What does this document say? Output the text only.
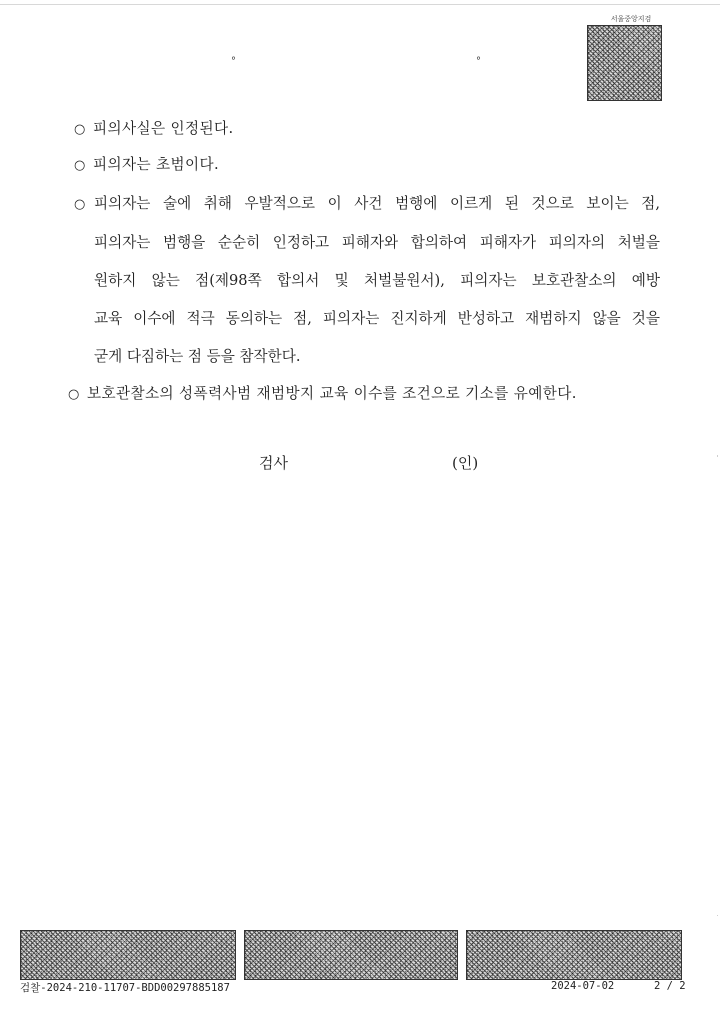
서울중앙지검
°	°
○ 피의사실은 인정된다.
○ 피의자는 초범이다.
○ 피의자는 술에 취해 우발적으로 이 사건 범행에 이르게 된 것으로 보이는 점,
피의자는 범행을 순순히 인정하고 피해자와 합의하여 피해자가 피의자의 처벌을
원하지 않는 점(제98쪽 합의서 및 처벌불원서), 피의자는 보호관찰소의 예방
교육 이수에 적극 동의하는 점, 피의자는 진지하게 반성하고 재범하지 않을 것을
굳게 다짐하는 점 등을 참작한다.
○ 보호관찰소의 성폭력사범 재범방지 교육 이수를 조건으로 기소를 유예한다.
검사	(인)
검찰-2024-210-11707-BDD00297885187	2024-07-02	2 / 2
